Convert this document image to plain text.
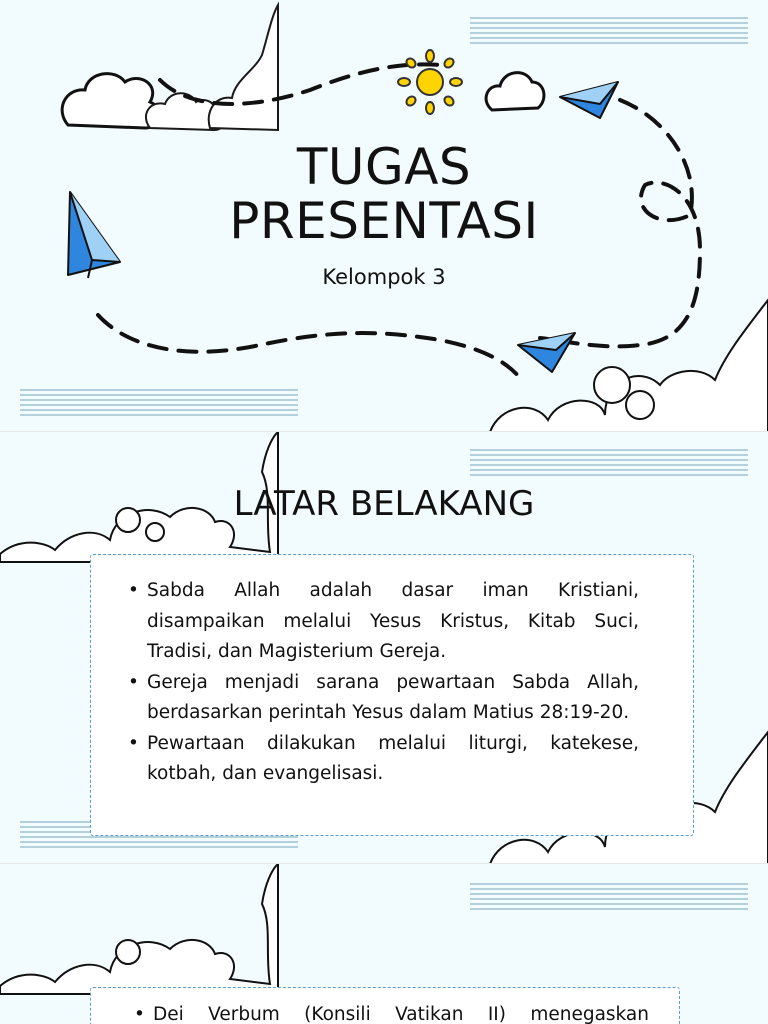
TUGAS
PRESENTASI
Kelompok 3
LATAR BELAKANG
• Sabda Allah adalah dasar iman Kristiani, disampaikan melalui Yesus Kristus, Kitab Suci, Tradisi, dan Magisterium Gereja.
• Gereja menjadi sarana pewartaan Sabda Allah, berdasarkan perintah Yesus dalam Matius 28:19-20.
• Pewartaan dilakukan melalui liturgi, katekese, kotbah, dan evangelisasi.
• Dei Verbum (Konsili Vatikan II) menegaskan
